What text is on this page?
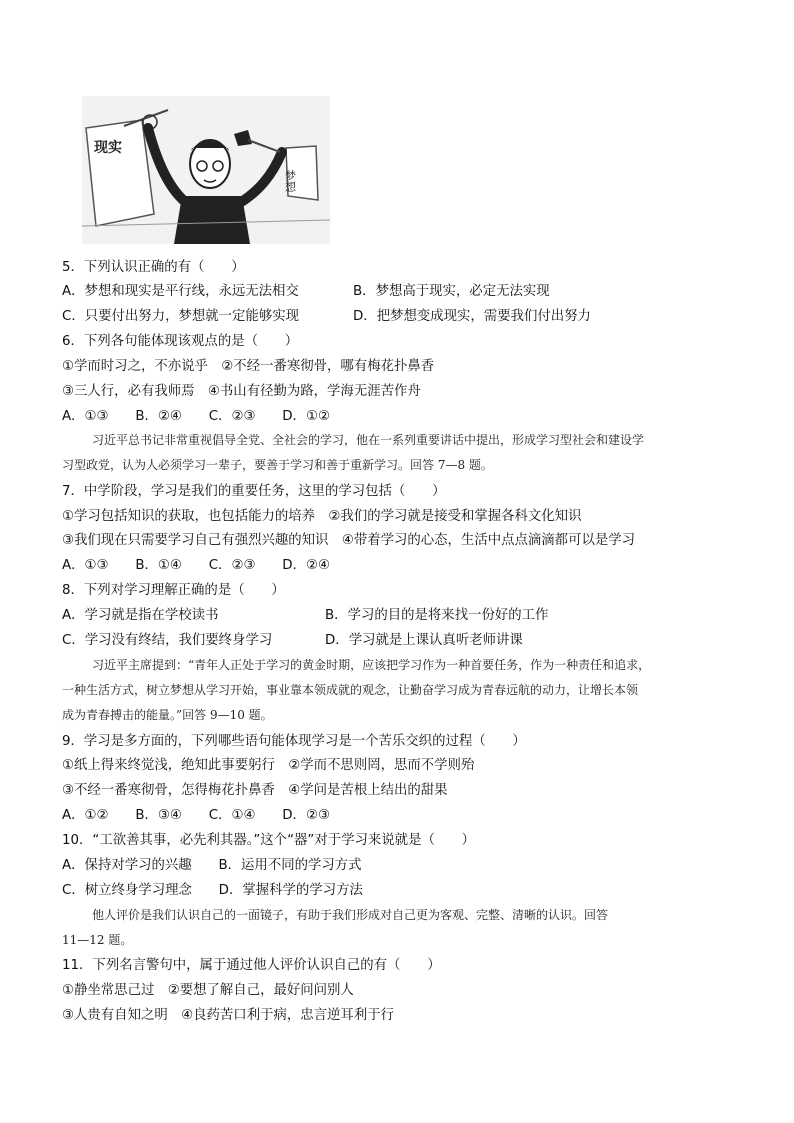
现实
梦想
5．下列认识正确的有（　　）
A．梦想和现实是平行线，永远无法相交	B．梦想高于现实，必定无法实现
C．只要付出努力，梦想就一定能够实现	D．把梦想变成现实，需要我们付出努力
6．下列各句能体现该观点的是（　　）
①学而时习之，不亦说乎　②不经一番寒彻骨，哪有梅花扑鼻香
③三人行，必有我师焉　④书山有径勤为路，学海无涯苦作舟
A．①③　　B．②④　　C．②③　　D．①②
习近平总书记非常重视倡导全党、全社会的学习，他在一系列重要讲话中提出，形成学习型社会和建设学
习型政党，认为人必须学习一辈子，要善于学习和善于重新学习。回答 7—8 题。
7．中学阶段，学习是我们的重要任务，这里的学习包括（　　）
①学习包括知识的获取，也包括能力的培养　②我们的学习就是接受和掌握各科文化知识
③我们现在只需要学习自己有强烈兴趣的知识　④带着学习的心态，生活中点点滴滴都可以是学习
A．①③　　B．①④　　C．②③　　D．②④
8．下列对学习理解正确的是（　　）
A．学习就是指在学校读书	B．学习的目的是将来找一份好的工作
C．学习没有终结，我们要终身学习	D．学习就是上课认真听老师讲课
习近平主席提到：“青年人正处于学习的黄金时期，应该把学习作为一种首要任务，作为一种责任和追求，
一种生活方式，树立梦想从学习开始，事业靠本领成就的观念，让勤奋学习成为青春远航的动力，让增长本领
成为青春搏击的能量。”回答 9—10 题。
9．学习是多方面的，下列哪些语句能体现学习是一个苦乐交织的过程（　　）
①纸上得来终觉浅，绝知此事要躬行　②学而不思则罔，思而不学则殆
③不经一番寒彻骨，怎得梅花扑鼻香　④学问是苦根上结出的甜果
A．①②　　B．③④　　C．①④　　D．②③
10．“工欲善其事，必先利其器。”这个“器”对于学习来说就是（　　）
A．保持对学习的兴趣　　B．运用不同的学习方式
C．树立终身学习理念　　D．掌握科学的学习方法
他人评价是我们认识自己的一面镜子，有助于我们形成对自己更为客观、完整、清晰的认识。回答
11—12 题。
11．下列名言警句中，属于通过他人评价认识自己的有（　　）
①静坐常思己过　②要想了解自己，最好问问别人
③人贵有自知之明　④良药苦口利于病，忠言逆耳利于行
